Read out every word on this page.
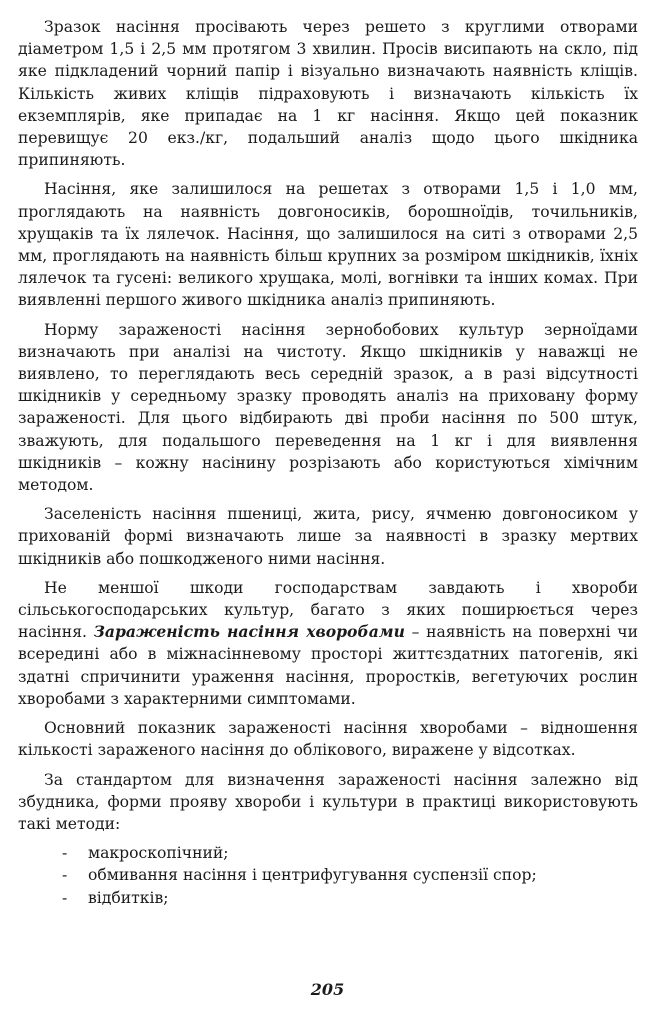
Зразок насіння просівають через решето з круглими отворами діаметром 1,5 і 2,5 мм протягом 3 хвилин. Просів висипають на скло, під яке підкладений чорний папір і візуально визначають наявність кліщів. Кількість живих кліщів підраховують і визначають кількість їх екземплярів, яке припадає на 1 кг насіння. Якщо цей показник перевищує 20 екз./кг, подальший аналіз щодо цього шкідника припиняють.

Насіння, яке залишилося на решетах з отворами 1,5 і 1,0 мм, проглядають на наявність довгоносиків, борошноїдів, точильників, хрущаків та їх лялечок. Насіння, що залишилося на ситі з отворами 2,5 мм, проглядають на наявність більш крупних за розміром шкідників, їхніх лялечок та гусені: великого хрущака, молі, вогнівки та інших комах. При виявленні першого живого шкідника аналіз припиняють.

Норму зараженості насіння зернобобових культур зерноїдами визначають при аналізі на чистоту. Якщо шкідників у наважці не виявлено, то переглядають весь середній зразок, а в разі відсутності шкідників у середньому зразку проводять аналіз на приховану форму зараженості. Для цього відбирають дві проби насіння по 500 штук, зважують, для подальшого переведення на 1 кг і для виявлення шкідників – кожну насінину розрізають або користуються хімічним методом.

Заселеність насіння пшениці, жита, рису, ячменю довгоносиком у прихованій формі визначають лише за наявності в зразку мертвих шкідників або пошкодженого ними насіння.

Не меншої шкоди господарствам завдають і хвороби сільськогосподарських культур, багато з яких поширюється через насіння. Зараженість насіння хворобами – наявність на поверхні чи всередині або в міжнасінневому просторі життєздатних патогенів, які здатні спричинити ураження насіння, проростків, вегетуючих рослин хворобами з характерними симптомами.

Основний показник зараженості насіння хворобами – відношення кількості зараженого насіння до облікового, виражене у відсотках.

За стандартом для визначення зараженості насіння залежно від збудника, форми прояву хвороби і культури в практиці використовують такі методи:

- макроскопічний;
- обмивання насіння і центрифугування суспензії спор;
- відбитків;
205
